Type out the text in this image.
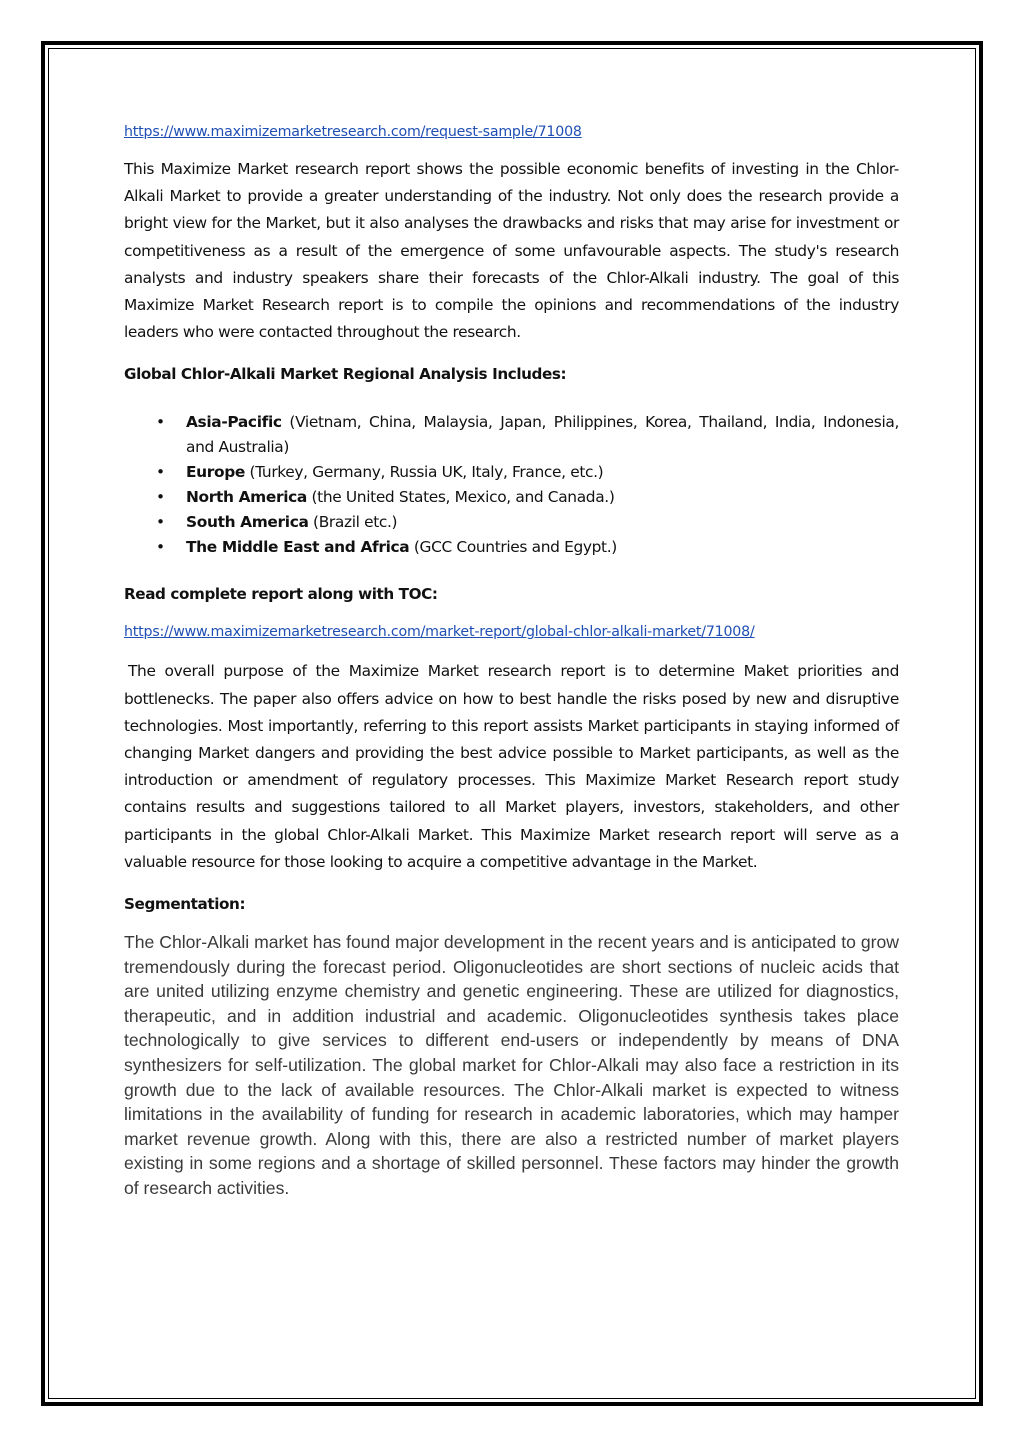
https://www.maximizemarketresearch.com/request-sample/71008

This Maximize Market research report shows the possible economic benefits of investing in the Chlor-Alkali Market to provide a greater understanding of the industry. Not only does the research provide a bright view for the Market, but it also analyses the drawbacks and risks that may arise for investment or competitiveness as a result of the emergence of some unfavourable aspects. The study's research analysts and industry speakers share their forecasts of the Chlor-Alkali industry. The goal of this Maximize Market Research report is to compile the opinions and recommendations of the industry leaders who were contacted throughout the research.

Global Chlor-Alkali Market Regional Analysis Includes:

• Asia-Pacific (Vietnam, China, Malaysia, Japan, Philippines, Korea, Thailand, India, Indonesia, and Australia)
• Europe (Turkey, Germany, Russia UK, Italy, France, etc.)
• North America (the United States, Mexico, and Canada.)
• South America (Brazil etc.)
• The Middle East and Africa (GCC Countries and Egypt.)

Read complete report along with TOC:

https://www.maximizemarketresearch.com/market-report/global-chlor-alkali-market/71008/

The overall purpose of the Maximize Market research report is to determine Maket priorities and bottlenecks. The paper also offers advice on how to best handle the risks posed by new and disruptive technologies. Most importantly, referring to this report assists Market participants in staying informed of changing Market dangers and providing the best advice possible to Market participants, as well as the introduction or amendment of regulatory processes. This Maximize Market Research report study contains results and suggestions tailored to all Market players, investors, stakeholders, and other participants in the global Chlor-Alkali Market. This Maximize Market research report will serve as a valuable resource for those looking to acquire a competitive advantage in the Market.

Segmentation:

The Chlor-Alkali market has found major development in the recent years and is anticipated to grow tremendously during the forecast period. Oligonucleotides are short sections of nucleic acids that are united utilizing enzyme chemistry and genetic engineering. These are utilized for diagnostics, therapeutic, and in addition industrial and academic. Oligonucleotides synthesis takes place technologically to give services to different end-users or independently by means of DNA synthesizers for self-utilization. The global market for Chlor-Alkali may also face a restriction in its growth due to the lack of available resources. The Chlor-Alkali market is expected to witness limitations in the availability of funding for research in academic laboratories, which may hamper market revenue growth. Along with this, there are also a restricted number of market players existing in some regions and a shortage of skilled personnel. These factors may hinder the growth of research activities.
